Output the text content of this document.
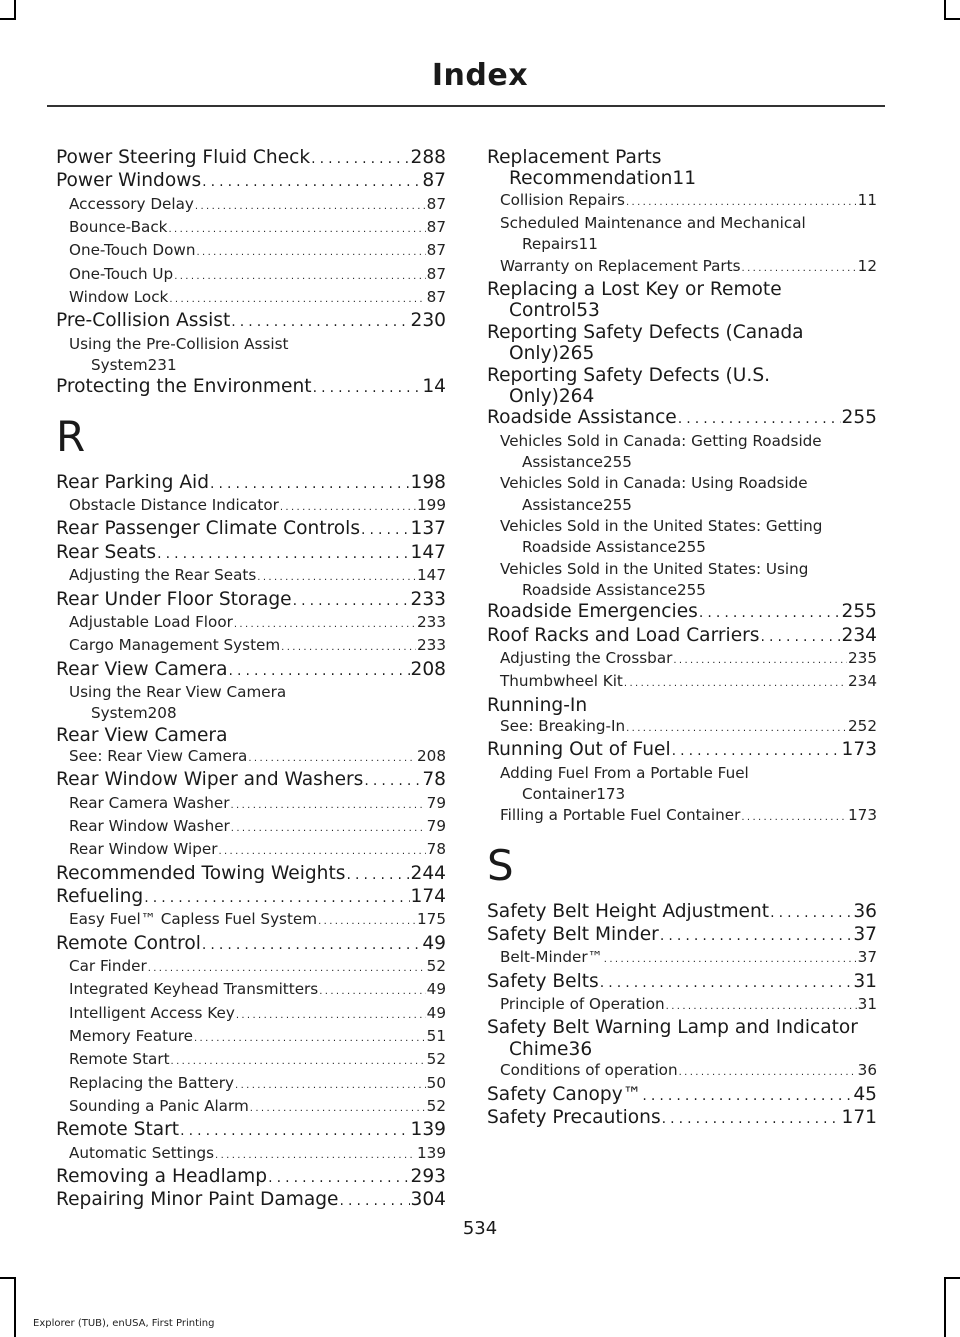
Index
Power Steering Fluid Check . . .	288
Power Windows . . .	87
Accessory Delay . . .	87
Bounce-Back . . .	87
One-Touch Down . . .	87
One-Touch Up . . .	87
Window Lock . . .	87
Pre-Collision Assist . . .	230
Using the Pre-Collision Assist
System 231
Protecting the Environment . . .	14
R
Rear Parking Aid . . .	198
Obstacle Distance Indicator . . .	199
Rear Passenger Climate Controls . . .	137
Rear Seats . . .	147
Adjusting the Rear Seats . . .	147
Rear Under Floor Storage . . .	233
Adjustable Load Floor . . .	233
Cargo Management System . . .	233
Rear View Camera . . .	208
Using the Rear View Camera
System 208
Rear View Camera
See: Rear View Camera . . .	208
Rear Window Wiper and Washers . . .	78
Rear Camera Washer . . .	79
Rear Window Washer . . .	79
Rear Window Wiper . . .	78
Recommended Towing Weights . . .	244
Refueling . . .	174
Easy Fuel™ Capless Fuel System . . .	175
Remote Control . . .	49
Car Finder . . .	52
Integrated Keyhead Transmitters . . .	49
Intelligent Access Key . . .	49
Memory Feature . . .	51
Remote Start . . .	52
Replacing the Battery . . .	50
Sounding a Panic Alarm . . .	52
Remote Start . . .	139
Automatic Settings . . .	139
Removing a Headlamp . . .	293
Repairing Minor Paint Damage . . .	304
Replacement Parts
Recommendation 11
Collision Repairs . . .	11
Scheduled Maintenance and Mechanical
Repairs 11
Warranty on Replacement Parts . . .	12
Replacing a Lost Key or Remote
Control 53
Reporting Safety Defects (Canada
Only) 265
Reporting Safety Defects (U.S.
Only) 264
Roadside Assistance . . .	255
Vehicles Sold in Canada: Getting Roadside
Assistance 255
Vehicles Sold in Canada: Using Roadside
Assistance 255
Vehicles Sold in the United States: Getting
Roadside Assistance 255
Vehicles Sold in the United States: Using
Roadside Assistance 255
Roadside Emergencies . . .	255
Roof Racks and Load Carriers . . .	234
Adjusting the Crossbar . . .	235
Thumbwheel Kit . . .	234
Running-In
See: Breaking-In . . .	252
Running Out of Fuel . . .	173
Adding Fuel From a Portable Fuel
Container 173
Filling a Portable Fuel Container . . .	173
S
Safety Belt Height Adjustment . . .	36
Safety Belt Minder . . .	37
Belt-Minder™ . . .	37
Safety Belts . . .	31
Principle of Operation . . .	31
Safety Belt Warning Lamp and Indicator
Chime 36
Conditions of operation . . .	36
Safety Canopy™ . . .	45
Safety Precautions . . .	171
534
Explorer (TUB), enUSA, First Printing
